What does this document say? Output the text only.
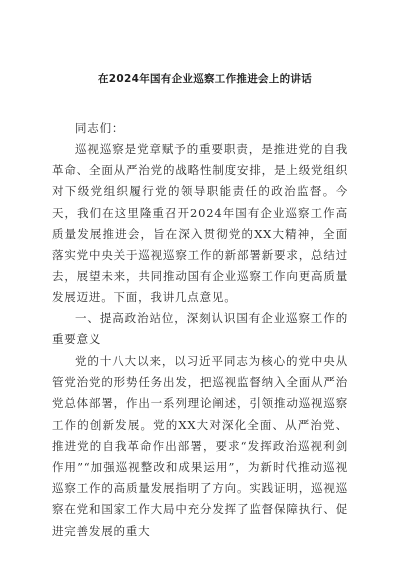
在2024年国有企业巡察工作推进会上的讲话

同志们：

巡视巡察是党章赋予的重要职责，是推进党的自我革命、全面从严治党的战略性制度安排，是上级党组织对下级党组织履行党的领导职能责任的政治监督。今天，我们在这里隆重召开2024年国有企业巡察工作高质量发展推进会，旨在深入贯彻党的XX大精神，全面落实党中央关于巡视巡察工作的新部署新要求，总结过去，展望未来，共同推动国有企业巡察工作向更高质量发展迈进。下面，我讲几点意见。

一、提高政治站位，深刻认识国有企业巡察工作的重要意义

党的十八大以来，以习近平同志为核心的党中央从管党治党的形势任务出发，把巡视监督纳入全面从严治党总体部署，作出一系列理论阐述，引领推动巡视巡察工作的创新发展。党的XX大对深化全面、从严治党、推进党的自我革命作出部署，要求“发挥政治巡视利剑作用”“加强巡视整改和成果运用”，为新时代推动巡视巡察工作的高质量发展指明了方向。实践证明，巡视巡察在党和国家工作大局中充分发挥了监督保障执行、促进完善发展的重大
